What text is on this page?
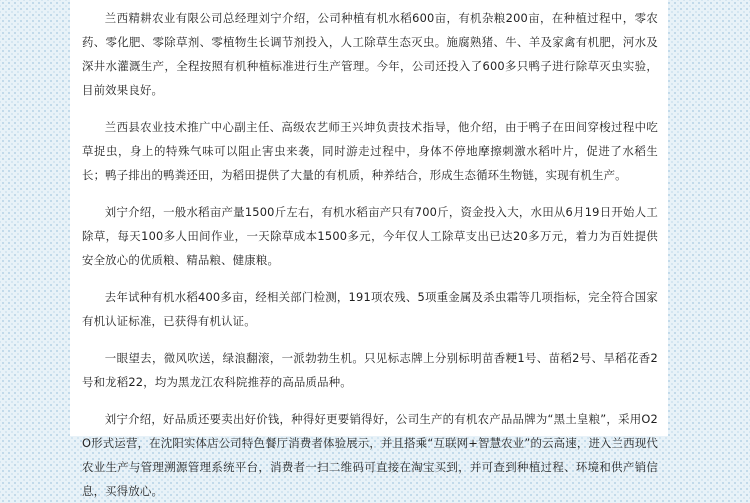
兰西精耕农业有限公司总经理刘宁介绍，公司种植有机水稻600亩，有机杂粮200亩，在种植过程中，零农药、零化肥、零除草剂、零植物生长调节剂投入，人工除草生态灭虫。施腐熟猪、牛、羊及家禽有机肥，河水及深井水灌溉生产，全程按照有机种植标准进行生产管理。今年，公司还投入了600多只鸭子进行除草灭虫实验，目前效果良好。

兰西县农业技术推广中心副主任、高级农艺师王兴坤负责技术指导，他介绍，由于鸭子在田间穿梭过程中吃草捉虫，身上的特殊气味可以阻止害虫来袭，同时游走过程中，身体不停地摩擦刺激水稻叶片，促进了水稻生长；鸭子排出的鸭粪还田，为稻田提供了大量的有机质，种养结合，形成生态循环生物链，实现有机生产。

刘宁介绍，一般水稻亩产量1500斤左右，有机水稻亩产只有700斤，资金投入大，水田从6月19日开始人工除草，每天100多人田间作业，一天除草成本1500多元，今年仅人工除草支出已达20多万元，着力为百姓提供安全放心的优质粮、精品粮、健康粮。

去年试种有机水稻400多亩，经相关部门检测，191项农残、5项重金属及杀虫霜等几项指标，完全符合国家有机认证标准，已获得有机认证。

一眼望去，微风吹送，绿浪翻滚，一派勃勃生机。只见标志牌上分别标明苗香粳1号、苗稻2号、旱稻花香2号和龙稻22，均为黑龙江农科院推荐的高品质品种。

刘宁介绍，好品质还要卖出好价钱，种得好更要销得好，公司生产的有机农产品品牌为“黑土皇粮”，采用O2O形式运营，在沈阳实体店公司特色餐厅消费者体验展示，并且搭乘“互联网+智慧农业”的云高速，进入兰西现代农业生产与管理溯源管理系统平台，消费者一扫二维码可直接在淘宝买到，并可查到种植过程、环境和供产销信息，买得放心。
